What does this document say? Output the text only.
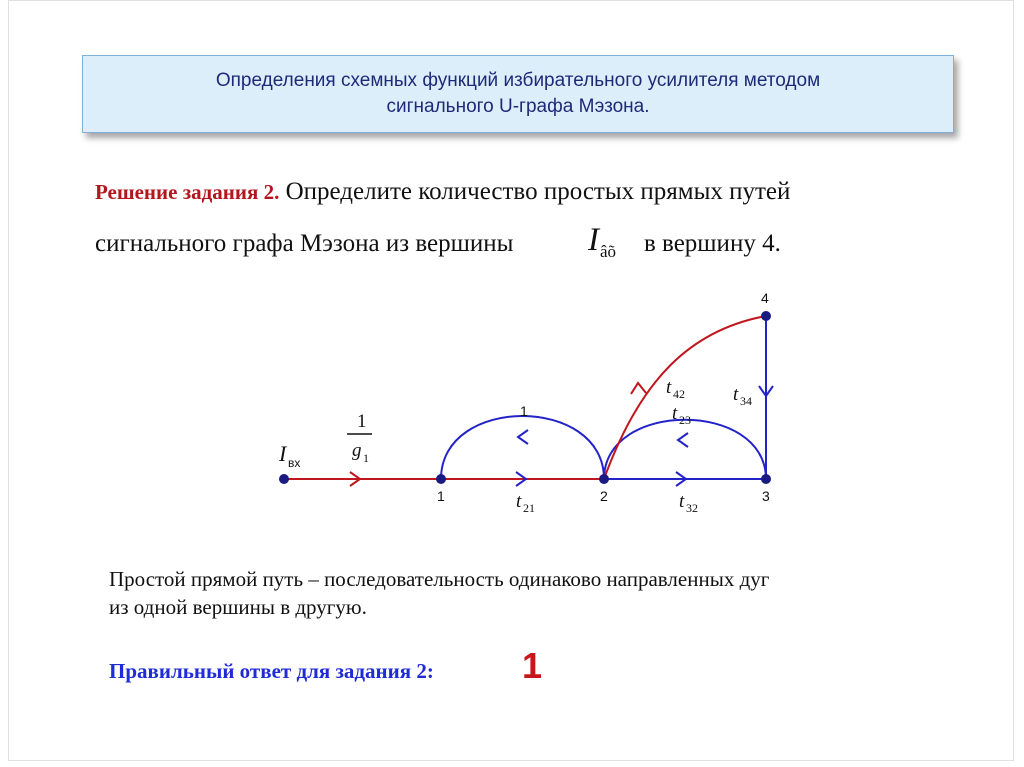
Определения схемных функций избирательного усилителя методом
сигнального U-графа Мэзона.
Решение задания 2. Определите количество простых прямых путей
сигнального графа Мэзона из вершины I âõ в вершину 4.
1	2	3
4
I вх
1
g 1
1
t 21	t 32
t 42
t 23
t 34
Простой прямой путь – последовательность одинаково направленных дуг
из одной вершины в другую.
Правильный ответ для задания 2: 1
